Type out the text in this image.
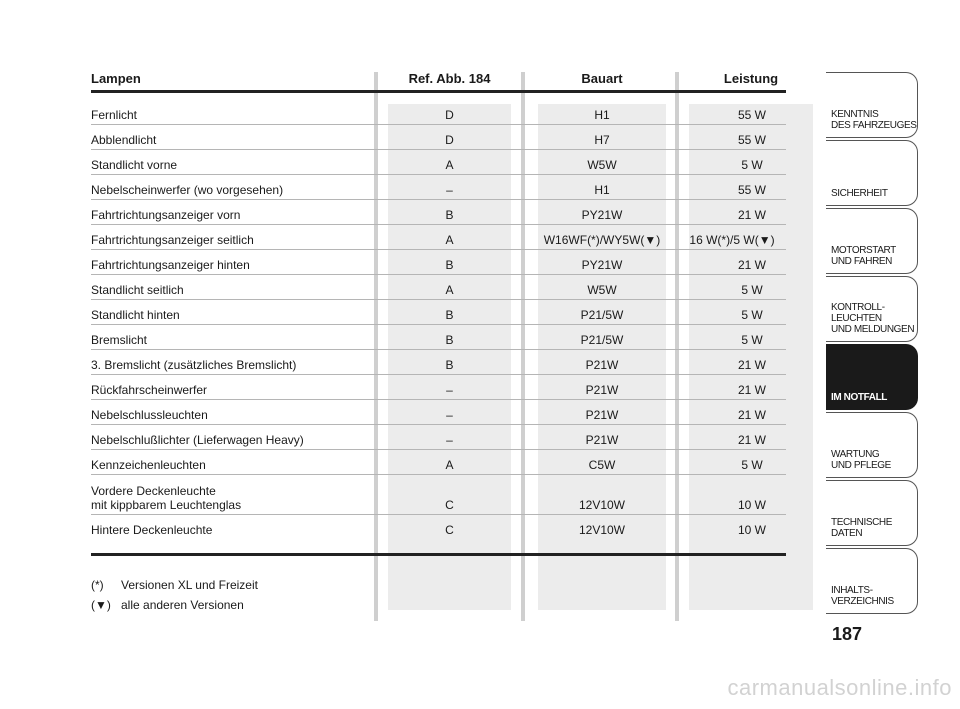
Lampen	Ref. Abb. 184	Bauart	Leistung
Fernlicht	D	H1	55 W
Abblendlicht	D	H7	55 W
Standlicht vorne	A	W5W	5 W
Nebelscheinwerfer (wo vorgesehen)	–	H1	55 W
Fahrtrichtungsanzeiger vorn	B	PY21W	21 W
Fahrtrichtungsanzeiger seitlich	A	W16WF(*)/WY5W(▼)	16 W(*)/5 W(▼)
Fahrtrichtungsanzeiger hinten	B	PY21W	21 W
Standlicht seitlich	A	W5W	5 W
Standlicht hinten	B	P21/5W	5 W
Bremslicht	B	P21/5W	5 W
3. Bremslicht (zusätzliches Bremslicht)	B	P21W	21 W
Rückfahrscheinwerfer	–	P21W	21 W
Nebelschlussleuchten	–	P21W	21 W
Nebelschlußlichter (Lieferwagen Heavy)	–	P21W	21 W
Kennzeichenleuchten	A	C5W	5 W
Vordere Deckenleuchte
mit kippbarem Leuchtenglas	C	12V10W	10 W
Hintere Deckenleuchte	C	12V10W	10 W
(*) Versionen XL und Freizeit
(▼) alle anderen Versionen
KENNTNIS
DES FAHRZEUGES
SICHERHEIT
MOTORSTART
UND FAHREN
KONTROLL-
LEUCHTEN
UND MELDUNGEN
IM NOTFALL
WARTUNG
UND PFLEGE
TECHNISCHE
DATEN
INHALTS-
VERZEICHNIS
187
carmanualsonline.info
